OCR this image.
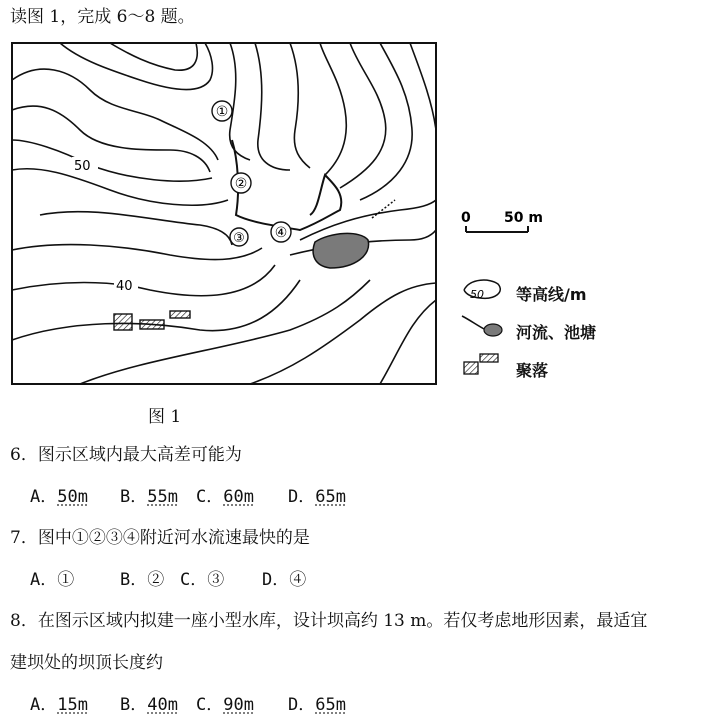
读图 1，完成 6～8 题。
50
40
①
②
③ ④
0 50 m
50 等高线/m
河流、池塘
聚落
图 1
6．图示区域内最大高差可能为
A．50m B．55m C．60m D．65m
7．图中①②③④附近河水流速最快的是
A．①	B．② C．③ D．④
8．在图示区域内拟建一座小型水库，设计坝高约 13 m。若仅考虑地形因素，最适宜
建坝处的坝顶长度约
A．15m B．40m C．90m D．65m
